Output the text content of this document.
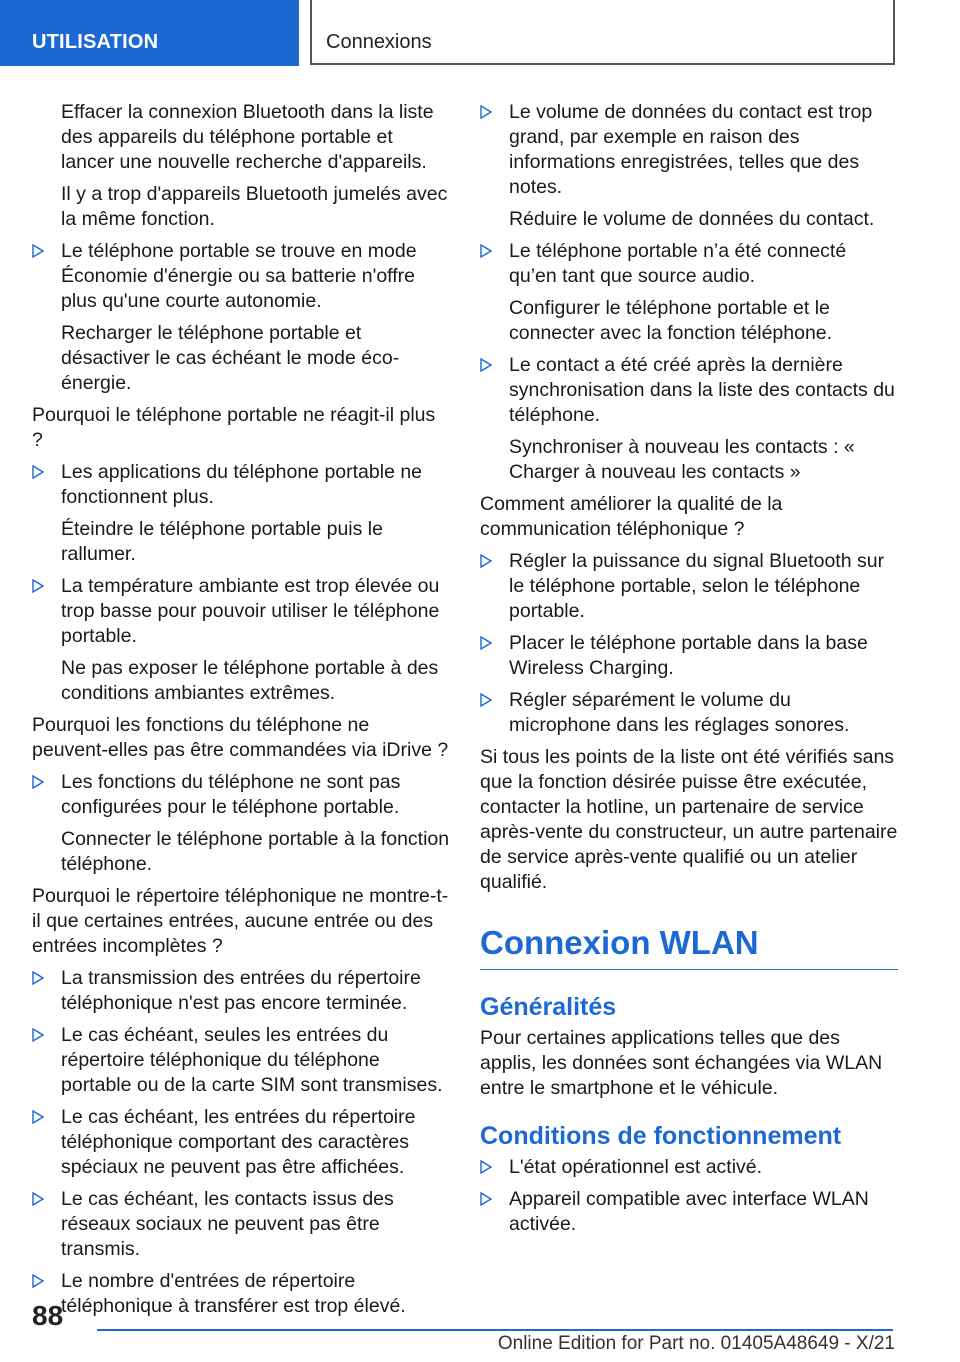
UTILISATION	Connexions
Effacer la connexion Bluetooth dans la liste des appareils du téléphone portable et lancer une nouvelle recherche d'appareils.
Il y a trop d'appareils Bluetooth jumelés avec la même fonction.
Le téléphone portable se trouve en mode Économie d'énergie ou sa batterie n'offre plus qu'une courte autonomie.
Recharger le téléphone portable et désactiver le cas échéant le mode éco-énergie.
Pourquoi le téléphone portable ne réagit-il plus ?
Les applications du téléphone portable ne fonctionnent plus.
Éteindre le téléphone portable puis le rallumer.
La température ambiante est trop élevée ou trop basse pour pouvoir utiliser le téléphone portable.
Ne pas exposer le téléphone portable à des conditions ambiantes extrêmes.
Pourquoi les fonctions du téléphone ne peuvent-elles pas être commandées via iDrive ?
Les fonctions du téléphone ne sont pas configurées pour le téléphone portable.
Connecter le téléphone portable à la fonction téléphone.
Pourquoi le répertoire téléphonique ne montre-t-il que certaines entrées, aucune entrée ou des entrées incomplètes ?
La transmission des entrées du répertoire téléphonique n'est pas encore terminée.
Le cas échéant, seules les entrées du répertoire téléphonique du téléphone portable ou de la carte SIM sont transmises.
Le cas échéant, les entrées du répertoire téléphonique comportant des caractères spéciaux ne peuvent pas être affichées.
Le cas échéant, les contacts issus des réseaux sociaux ne peuvent pas être transmis.
Le nombre d'entrées de répertoire téléphonique à transférer est trop élevé.
Le volume de données du contact est trop grand, par exemple en raison des informations enregistrées, telles que des notes.
Réduire le volume de données du contact.
Le téléphone portable n’a été connecté qu’en tant que source audio.
Configurer le téléphone portable et le connecter avec la fonction téléphone.
Le contact a été créé après la dernière synchronisation dans la liste des contacts du téléphone.
Synchroniser à nouveau les contacts : « Charger à nouveau les contacts »
Comment améliorer la qualité de la communication téléphonique ?
Régler la puissance du signal Bluetooth sur le téléphone portable, selon le téléphone portable.
Placer le téléphone portable dans la base Wireless Charging.
Régler séparément le volume du microphone dans les réglages sonores.
Si tous les points de la liste ont été vérifiés sans que la fonction désirée puisse être exécutée, contacter la hotline, un partenaire de service après-vente du constructeur, un autre partenaire de service après-vente qualifié ou un atelier qualifié.
Connexion WLAN
Généralités
Pour certaines applications telles que des applis, les données sont échangées via WLAN entre le smartphone et le véhicule.
Conditions de fonctionnement
L'état opérationnel est activé.
Appareil compatible avec interface WLAN activée.
88
Online Edition for Part no. 01405A48649 - X/21
